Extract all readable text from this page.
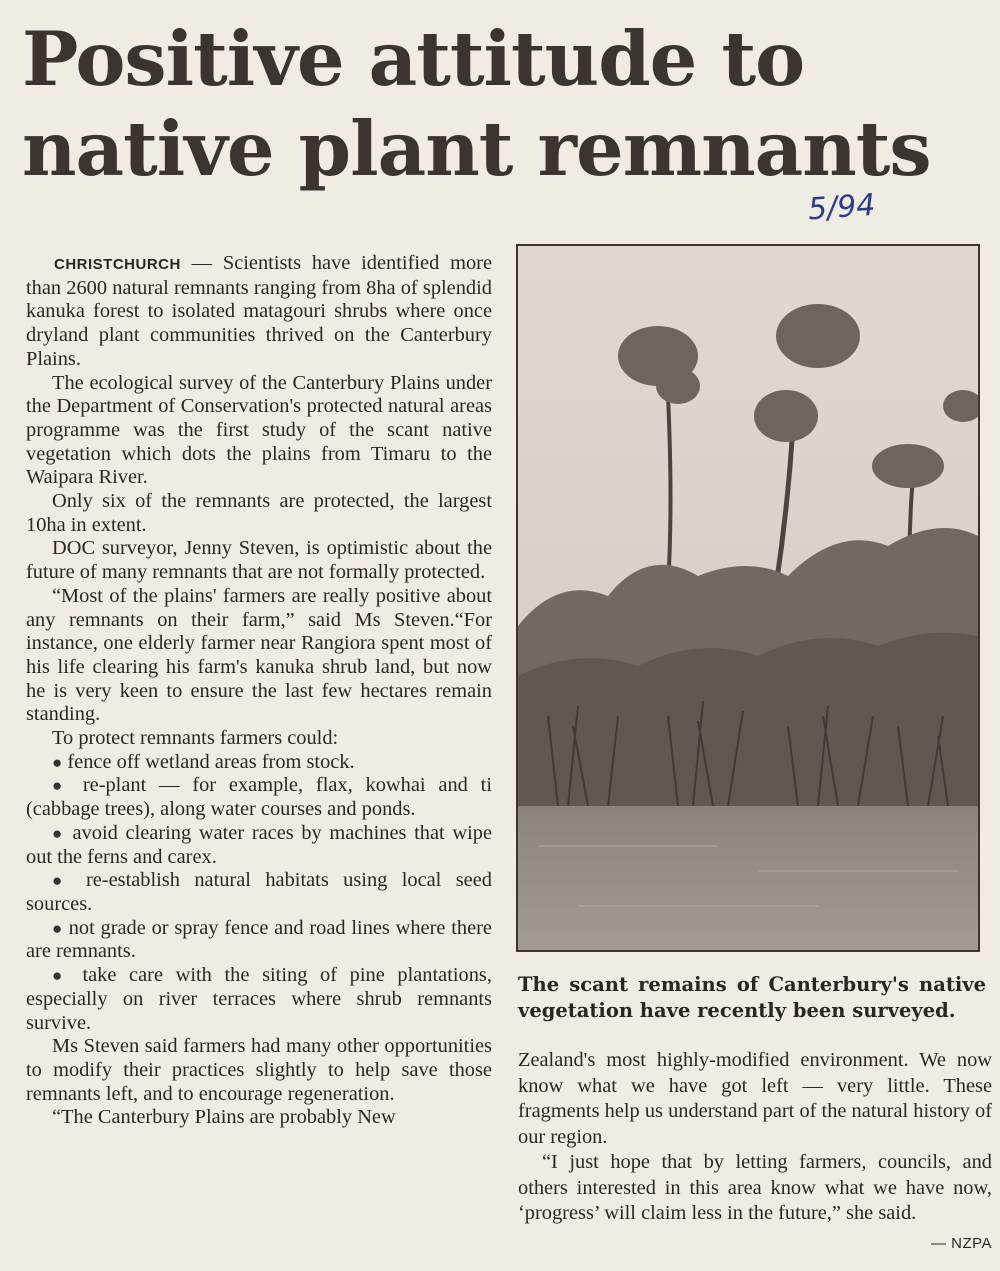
Positive attitude to
native plant remnants
5/94

CHRISTCHURCH — Scientists have identified more than 2600 natural remnants ranging from 8ha of splendid kanuka forest to isolated matagouri shrubs where once dryland plant communities thrived on the Canterbury Plains.

The ecological survey of the Canterbury Plains under the Department of Conservation's protected natural areas programme was the first study of the scant native vegetation which dots the plains from Timaru to the Waipara River.

Only six of the remnants are protected, the largest 10ha in extent.

DOC surveyor, Jenny Steven, is optimistic about the future of many remnants that are not formally protected.

“Most of the plains' farmers are really positive about any remnants on their farm,” said Ms Steven.“For instance, one elderly farmer near Rangiora spent most of his life clearing his farm's kanuka shrub land, but now he is very keen to ensure the last few hectares remain standing.

To protect remnants farmers could:

● fence off wetland areas from stock.

● re-plant — for example, flax, kowhai and ti (cabbage trees), along water courses and ponds.

● avoid clearing water races by machines that wipe out the ferns and carex.

● re-establish natural habitats using local seed sources.

● not grade or spray fence and road lines where there are remnants.

● take care with the siting of pine plantations, especially on river terraces where shrub remnants survive.

Ms Steven said farmers had many other opportunities to modify their practices slightly to help save those remnants left, and to encourage regeneration.

“The Canterbury Plains are probably New

The scant remains of Canterbury's native vegetation have recently been surveyed.

Zealand's most highly-modified environment. We now know what we have got left — very little. These fragments help us understand part of the natural history of our region.

“I just hope that by letting farmers, councils, and others interested in this area know what we have now, ‘progress’ will claim less in the future,” she said.

— NZPA
